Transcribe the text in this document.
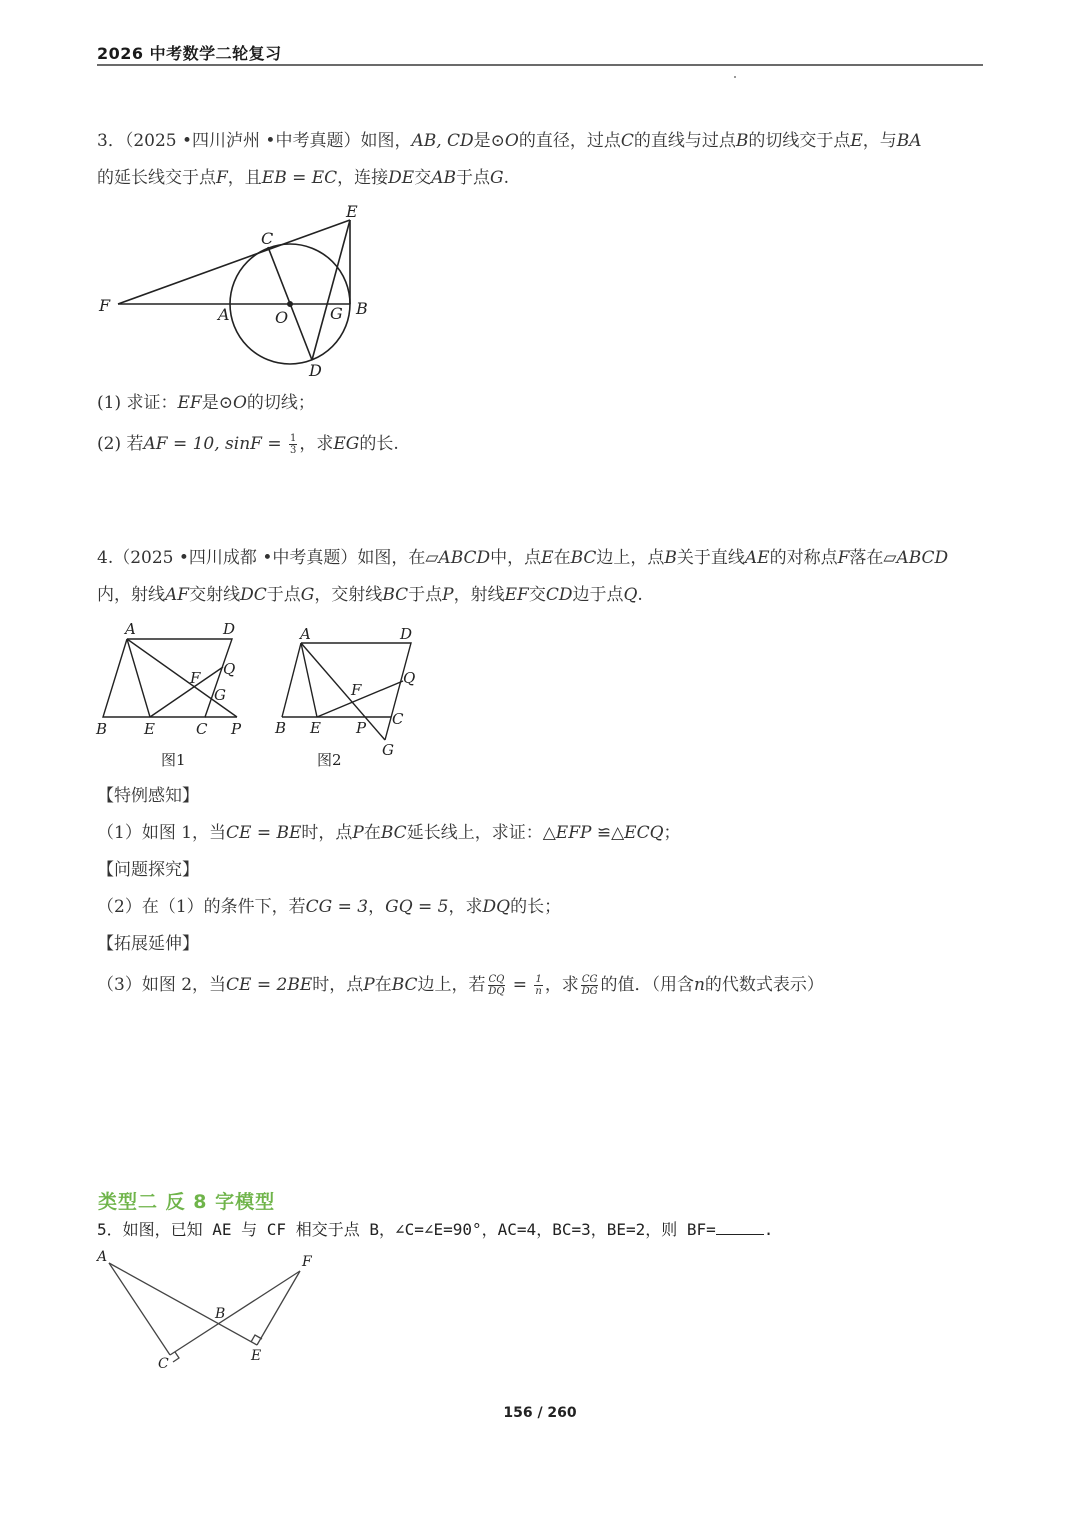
2026 中考数学二轮复习
3．（2025 •四川泸州 •中考真题）如图，AB, CD是⊙O的直径，过点C的直线与过点B的切线交于点E，与BA
的延长线交于点F，且EB = EC，连接DE交AB于点G.
E
C
F	A	O	G B
D
A	D
F Q
G
B E	C P
图1
A	D
F
Q
C
B E P
G
图2
A	F
B
C	E
(1) 求证：EF是⊙O的切线；
(2) 若AF = 10, $\sin F = \frac{1}{3}$ ，求EG的长.
4.（2025 •四川成都 •中考真题）如图，在▱ABCD中，点E在BC边上，点B关于直线AE的对称点F落在▱ABCD
内，射线AF交射线DC于点G，交射线BC于点P，射线EF交CD边于点Q.
【特例感知】
（1）如图 1，当CE = BE时，点P在BC延长线上，求证：△EFP ≌△ECQ；
【问题探究】
（2）在（1）的条件下，若CG = 3，GQ = 5，求DQ的长；
【拓展延伸】
（3）如图 2，当CE = 2BE时，点P在BC边上，若 $\frac{CQ}{DQ} = \frac{1}{n}$ ，求 $\frac{CG}{DG}$ 的值．（用含n的代数式表示）
类型二 反 8 字模型
5．如图，已知 AE 与 CF 相交于点 B，∠C=∠E=90°，AC=4，BC=3，BE=2，则 BF=	.
156 / 260
